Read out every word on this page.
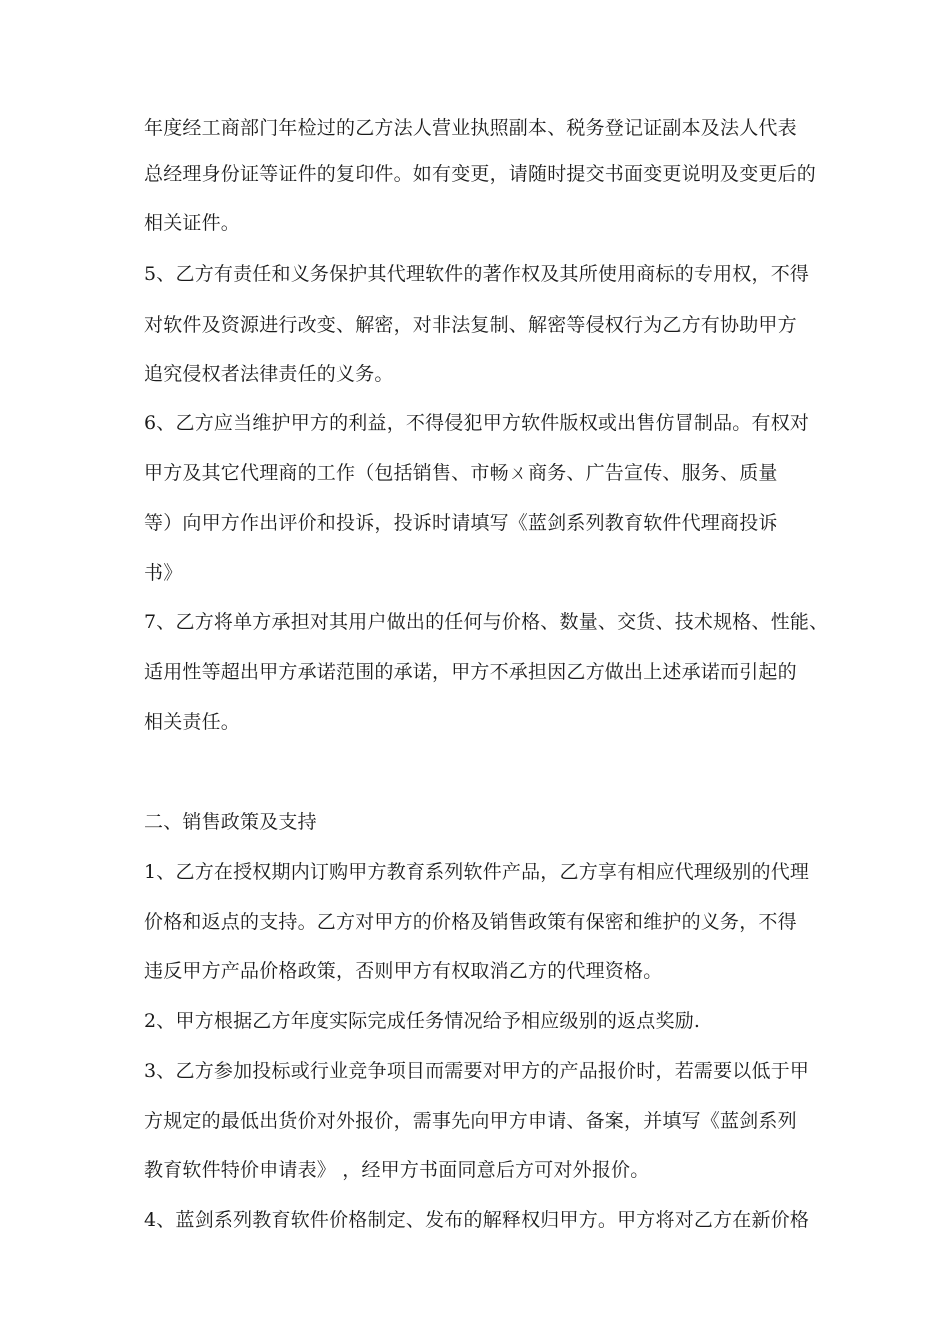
年度经工商部门年检过的乙方法人营业执照副本、税务登记证副本及法人代表
总经理身份证等证件的复印件。如有变更，请随时提交书面变更说明及变更后的
相关证件。
5、乙方有责任和义务保护其代理软件的著作权及其所使用商标的专用权，不得
对软件及资源进行改变、解密，对非法复制、解密等侵权行为乙方有协助甲方
追究侵权者法律责任的义务。
6、乙方应当维护甲方的利益，不得侵犯甲方软件版权或出售仿冒制品。有权对
甲方及其它代理商的工作（包括销售、市畅ㄨ商务、广告宣传、服务、质量
等）向甲方作出评价和投诉，投诉时请填写《蓝剑系列教育软件代理商投诉
书》
7、乙方将单方承担对其用户做出的任何与价格、数量、交货、技术规格、性能、
适用性等超出甲方承诺范围的承诺，甲方不承担因乙方做出上述承诺而引起的
相关责任。
二、销售政策及支持
1、乙方在授权期内订购甲方教育系列软件产品，乙方享有相应代理级别的代理
价格和返点的支持。乙方对甲方的价格及销售政策有保密和维护的义务，不得
违反甲方产品价格政策，否则甲方有权取消乙方的代理资格。
2、甲方根据乙方年度实际完成任务情况给予相应级别的返点奖励.
3、乙方参加投标或行业竞争项目而需要对甲方的产品报价时，若需要以低于甲
方规定的最低出货价对外报价，需事先向甲方申请、备案，并填写《蓝剑系列
教育软件特价申请表》 ，经甲方书面同意后方可对外报价。
4、蓝剑系列教育软件价格制定、发布的解释权归甲方。甲方将对乙方在新价格
